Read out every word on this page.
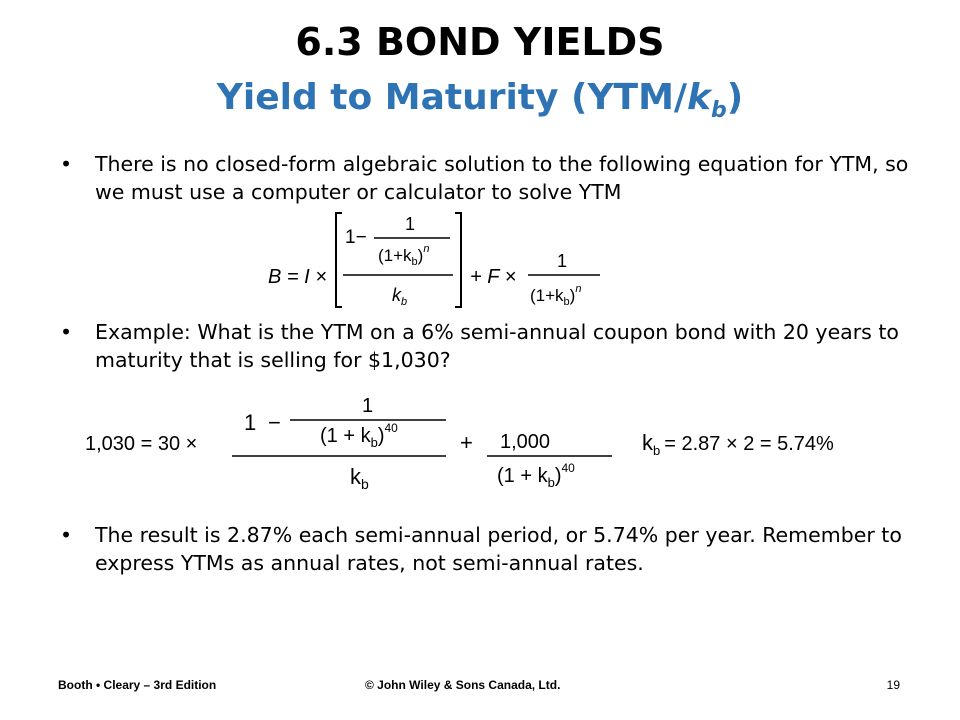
6.3 BOND YIELDS
Yield to Maturity $(YTM/k_b)$
• There is no closed-form algebraic solution to the following equation for YTM, so we must use a computer or calculator to solve YTM
B = I ×
1−
1
$(1+k_b)^n$
$k_b$
+ F ×
1
$(1+k_b)^n$
• Example: What is the YTM on a 6% semi-annual coupon bond with 20 years to maturity that is selling for $1,030?
1,030 = 30 ×
1
1 −
$(1 + k_b)^{40}$
$k_b$
+ 1,000
$(1 + k_b)^{40}$
$k_b = 2.87 \times 2 = 5.74\%$
• The result is 2.87% each semi-annual period, or 5.74% per year. Remember to express YTMs as annual rates, not semi-annual rates.
Booth • Cleary – 3rd Edition	© John Wiley & Sons Canada, Ltd.	19
